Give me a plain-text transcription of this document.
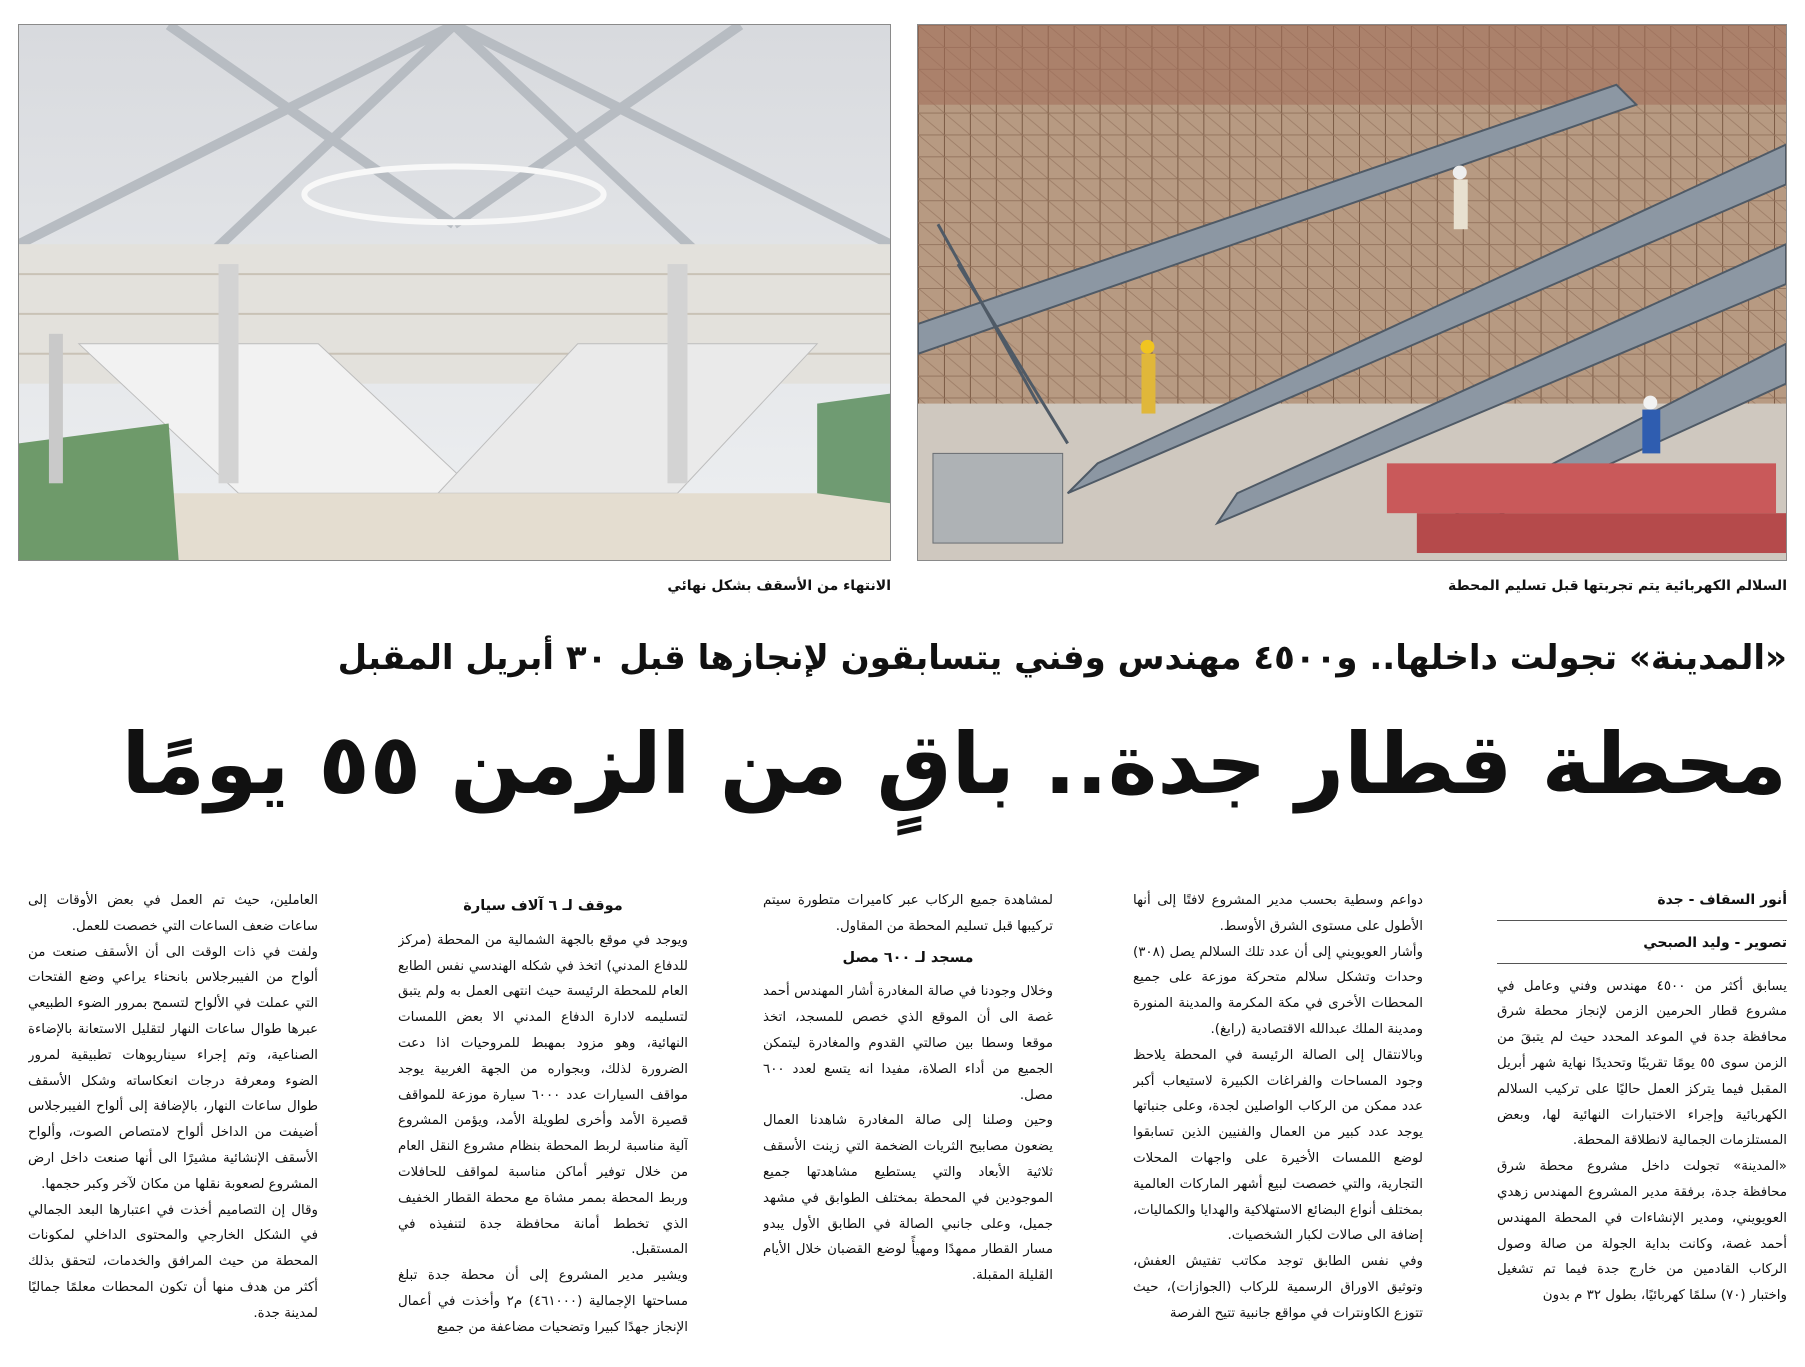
السلالم الكهربائية يتم تجربتها قبل تسليم المحطة
الانتهاء من الأسقف بشكل نهائي
«المدينة» تجولت داخلها.. و٤٥٠٠ مهندس وفني يتسابقون لإنجازها قبل ٣٠ أبريل المقبل
محطة قطار جدة.. باقٍ من الزمن ٥٥ يومًا

أنور السقاف - جدة

تصوير - وليد الصبحي

يسابق أكثر من ٤٥٠٠ مهندس وفني وعامل في مشروع قطار الحرمين الزمن لإنجاز محطة شرق محافظة جدة في الموعد المحدد حيث لم يتبقَ من الزمن سوى ٥٥ يومًا تقريبًا وتحديدًا نهاية شهر أبريل المقبل فيما يتركز العمل حاليًا على تركيب السلالم الكهربائية وإجراء الاختبارات النهائية لها، وبعض المستلزمات الجمالية لانطلاقة المحطة.

«المدينة» تجولت داخل مشروع محطة شرق محافظة جدة، برفقة مدير المشروع المهندس زهدي العويويني، ومدير الإنشاءات في المحطة المهندس أحمد غصة، وكانت بداية الجولة من صالة وصول الركاب القادمين من خارج جدة فيما تم تشغيل واختبار (٧٠) سلمًا كهربائيًا، بطول ٣٢ م بدون

دواعم وسطية بحسب مدير المشروع لافتًا إلى أنها الأطول على مستوى الشرق الأوسط.

وأشار العويويني إلى أن عدد تلك السلالم يصل (٣٠٨) وحدات وتشكل سلالم متحركة موزعة على جميع المحطات الأخرى في مكة المكرمة والمدينة المنورة ومدينة الملك عبدالله الاقتصادية (رابغ).

وبالانتقال إلى الصالة الرئيسة في المحطة يلاحظ وجود المساحات والفراغات الكبيرة لاستيعاب أكبر عدد ممكن من الركاب الواصلين لجدة، وعلى جنباتها يوجد عدد كبير من العمال والفنيين الذين تسابقوا لوضع اللمسات الأخيرة على واجهات المحلات التجارية، والتي خصصت لبيع أشهر الماركات العالمية بمختلف أنواع البضائع الاستهلاكية والهدايا والكماليات، إضافة الى صالات لكبار الشخصيات.

وفي نفس الطابق توجد مكاتب تفتيش العفش، وتوثيق الاوراق الرسمية للركاب (الجوازات)، حيث تتوزع الكاونترات في مواقع جانبية تتيح الفرصة

لمشاهدة جميع الركاب عبر كاميرات متطورة سيتم تركيبها قبل تسليم المحطة من المقاول.

مسجد لـ ٦٠٠ مصل

وخلال وجودنا في صالة المغادرة أشار المهندس أحمد غصة الى أن الموقع الذي خصص للمسجد، اتخذ موقعا وسطا بين صالتي القدوم والمغادرة ليتمكن الجميع من أداء الصلاة، مفيدا انه يتسع لعدد ٦٠٠ مصل.

وحين وصلنا إلى صالة المغادرة شاهدنا العمال يضعون مصابيح الثريات الضخمة التي زينت الأسقف ثلاثية الأبعاد والتي يستطيع مشاهدتها جميع الموجودين في المحطة بمختلف الطوابق في مشهد جميل، وعلى جانبي الصالة في الطابق الأول يبدو مسار القطار ممهدًا ومهيأً لوضع القضبان خلال الأيام القليلة المقبلة.

موقف لـ ٦ آلاف سيارة

ويوجد في موقع بالجهة الشمالية من المحطة (مركز للدفاع المدني) اتخذ في شكله الهندسي نفس الطابع العام للمحطة الرئيسة حيث انتهى العمل به ولم يتبق لتسليمه لادارة الدفاع المدني الا بعض اللمسات النهائية، وهو مزود بمهبط للمروحيات اذا دعت الضرورة لذلك، وبجواره من الجهة الغربية يوجد مواقف السيارات عدد ٦٠٠٠ سيارة موزعة للمواقف قصيرة الأمد وأخرى لطويلة الأمد، ويؤمن المشروع آلية مناسبة لربط المحطة بنظام مشروع النقل العام من خلال توفير أماكن مناسبة لمواقف للحافلات وربط المحطة بممر مشاة مع محطة القطار الخفيف الذي تخطط أمانة محافظة جدة لتنفيذه في المستقبل.

ويشير مدير المشروع إلى أن محطة جدة تبلغ مساحتها الإجمالية (٤٦١٠٠٠) م٢ وأخذت في أعمال الإنجاز جهدًا كبيرا وتضحيات مضاعفة من جميع

العاملين، حيث تم العمل في بعض الأوقات إلى ساعات ضعف الساعات التي خصصت للعمل.

ولفت في ذات الوقت الى أن الأسقف صنعت من ألواح من الفيبرجلاس بانحناء يراعي وضع الفتحات التي عملت في الألواح لتسمح بمرور الضوء الطبيعي عبرها طوال ساعات النهار لتقليل الاستعانة بالإضاءة الصناعية، وتم إجراء سيناريوهات تطبيقية لمرور الضوء ومعرفة درجات انعكاساته وشكل الأسقف طوال ساعات النهار، بالإضافة إلى ألواح الفيبرجلاس أضيفت من الداخل ألواح لامتصاص الصوت، وألواح الأسقف الإنشائية مشيرًا الى أنها صنعت داخل ارض المشروع لصعوبة نقلها من مكان لآخر وكبر حجمها.

وقال إن التصاميم أخذت في اعتبارها البعد الجمالي في الشكل الخارجي والمحتوى الداخلي لمكونات المحطة من حيث المرافق والخدمات، لتحقق بذلك أكثر من هدف منها أن تكون المحطات معلمًا جماليًا لمدينة جدة.
